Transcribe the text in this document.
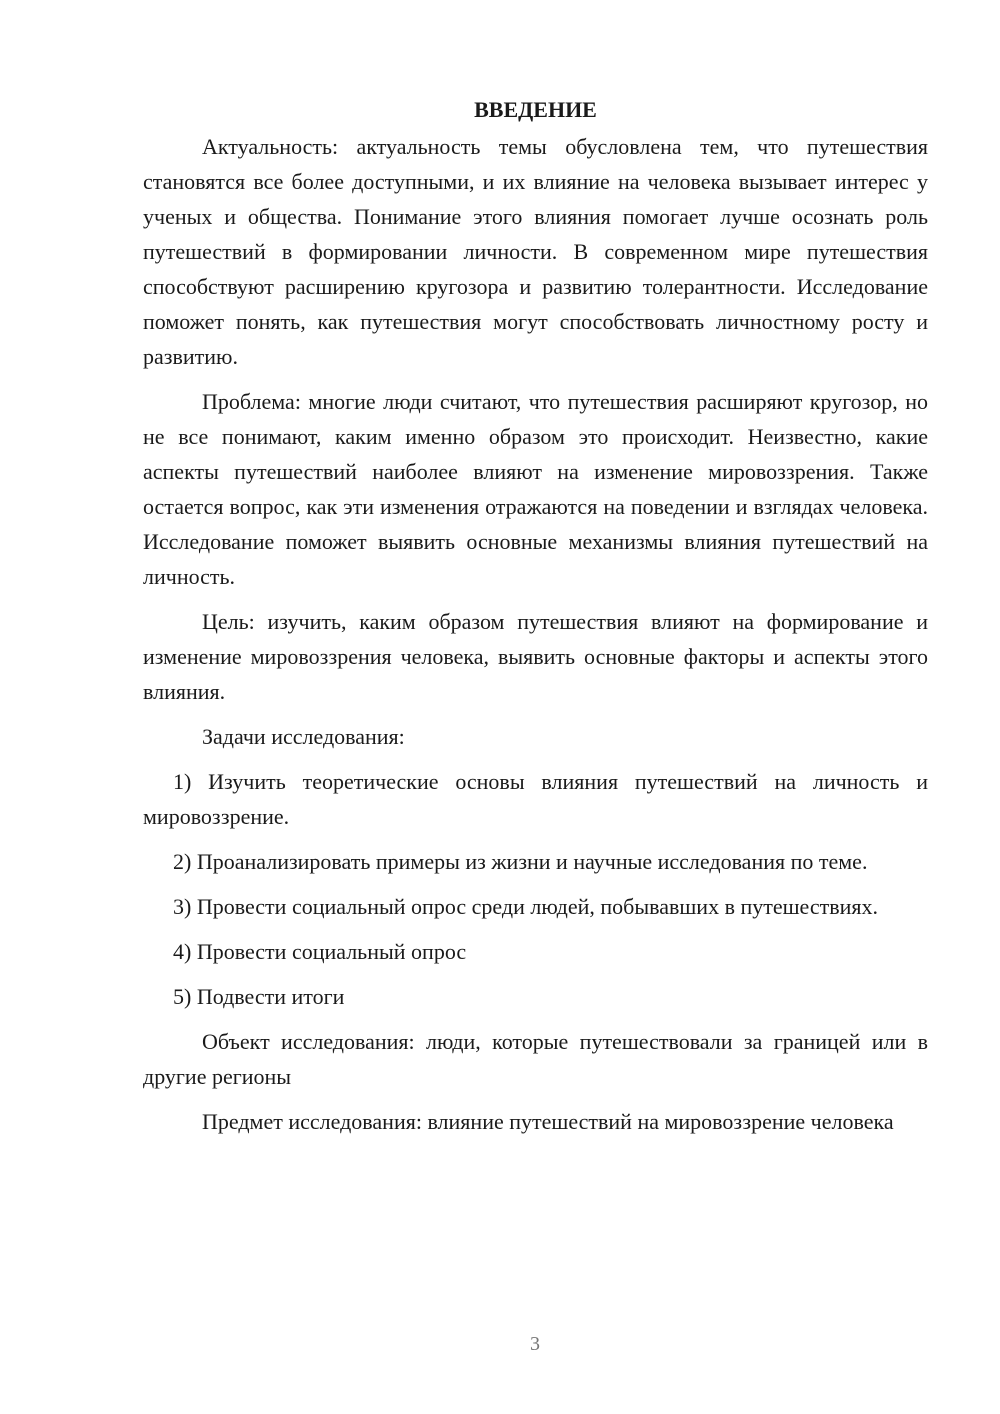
ВВЕДЕНИЕ

Актуальность: актуальность темы обусловлена тем, что путешествия становятся все более доступными, и их влияние на человека вызывает интерес у ученых и общества. Понимание этого влияния помогает лучше осознать роль путешествий в формировании личности. В современном мире путешествия способствуют расширению кругозора и развитию толерантности. Исследование поможет понять, как путешествия могут способствовать личностному росту и развитию.

Проблема: многие люди считают, что путешествия расширяют кругозор, но не все понимают, каким именно образом это происходит. Неизвестно, какие аспекты путешествий наиболее влияют на изменение мировоззрения. Также остается вопрос, как эти изменения отражаются на поведении и взглядах человека. Исследование поможет выявить основные механизмы влияния путешествий на личность.

Цель: изучить, каким образом путешествия влияют на формирование и изменение мировоззрения человека, выявить основные факторы и аспекты этого влияния.

Задачи исследования:

1) Изучить теоретические основы влияния путешествий на личность и мировоззрение.

2) Проанализировать примеры из жизни и научные исследования по теме.

3) Провести социальный опрос среди людей, побывавших в путешествиях.

4) Провести социальный опрос

5) Подвести итоги

Объект исследования: люди, которые путешествовали за границей или в другие регионы

Предмет исследования: влияние путешествий на мировоззрение человека

3
